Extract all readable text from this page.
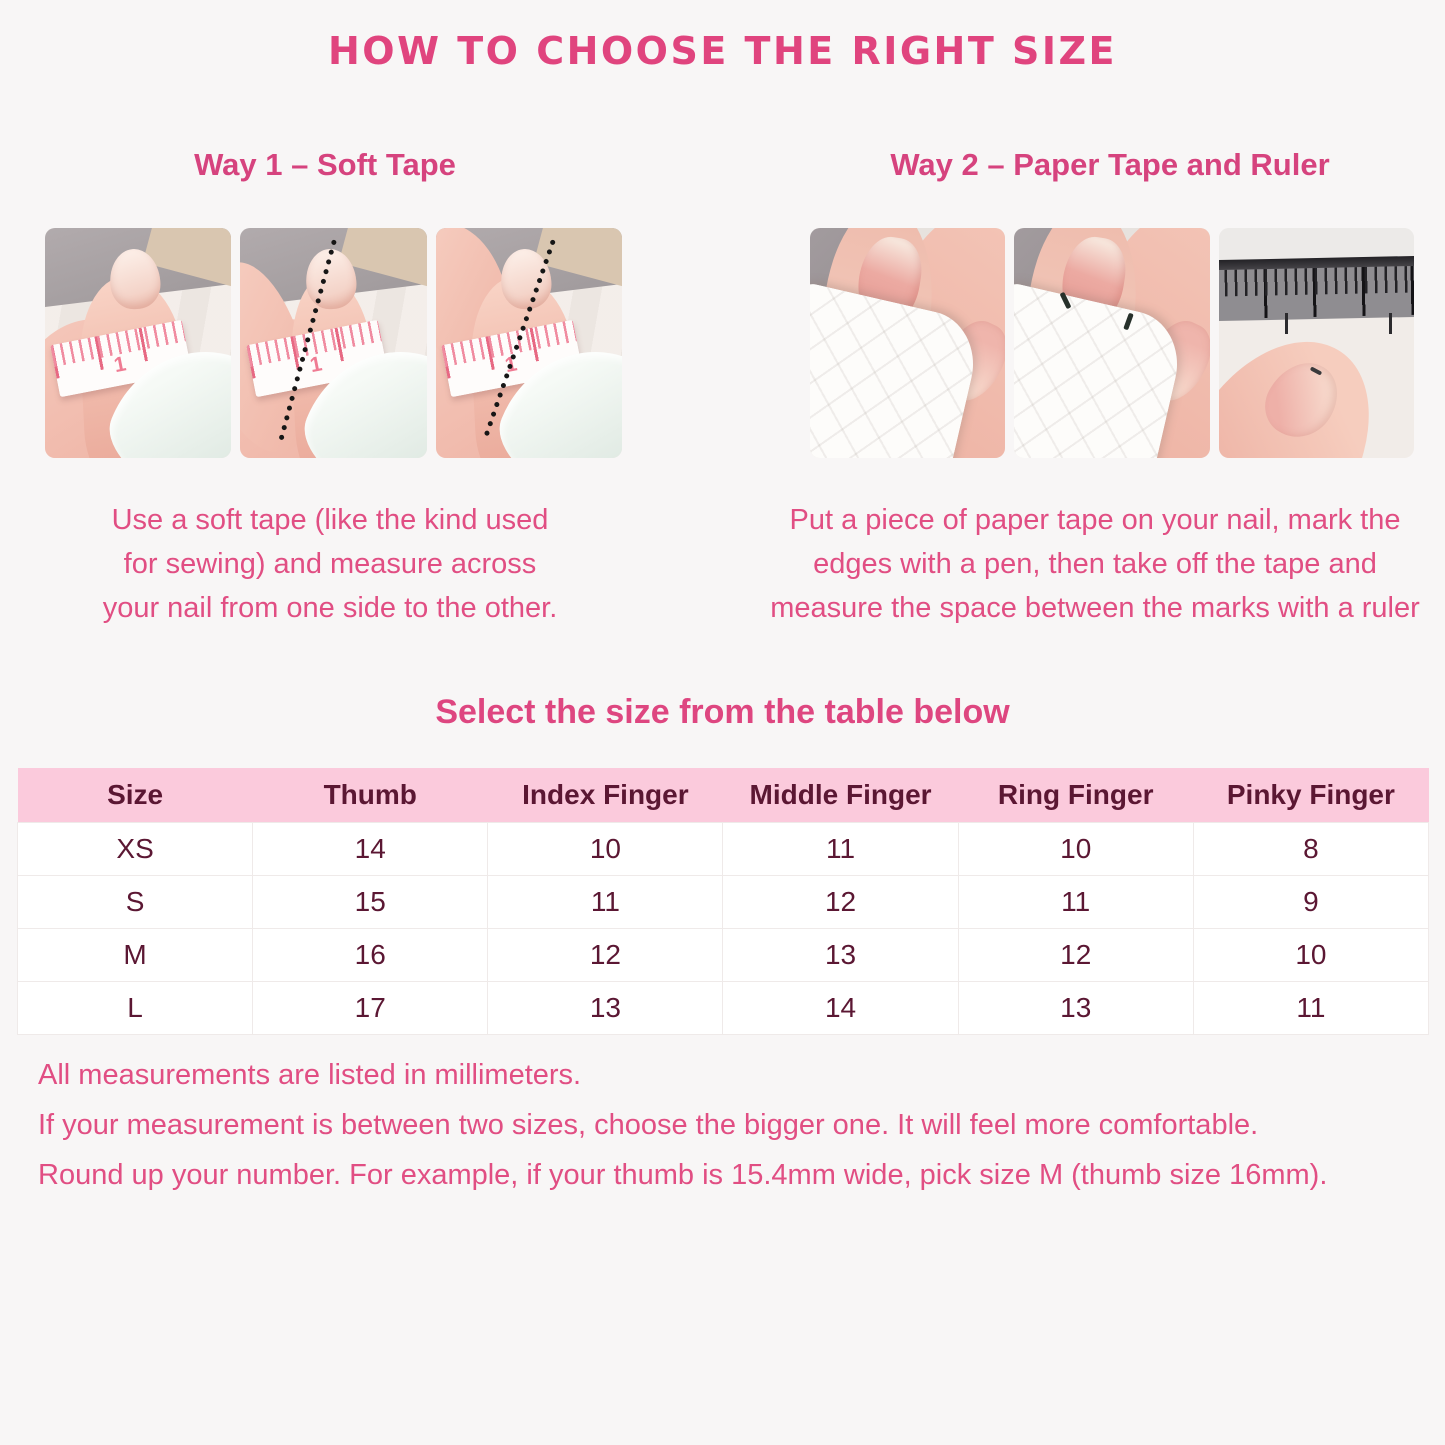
HOW TO CHOOSE THE RIGHT SIZE
Way 1 – Soft Tape
1	1	1

Use a soft tape (like the kind used
for sewing) and measure across
your nail from one side to the other.

Way 2 – Paper Tape and Ruler

Put a piece of paper tape on your nail, mark the
edges with a pen, then take off the tape and
measure the space between the marks with a ruler

Select the size from the table below
Size	Thumb	Index Finger	Middle Finger	Ring Finger	Pinky Finger
XS	14	10	11	10	8
S	15	11	12	11	9
M	16	12	13	12	10
L	17	13	14	13	11
All measurements are listed in millimeters.
If your measurement is between two sizes, choose the bigger one. It will feel more comfortable.
Round up your number. For example, if your thumb is 15.4mm wide, pick size M (thumb size 16mm).
